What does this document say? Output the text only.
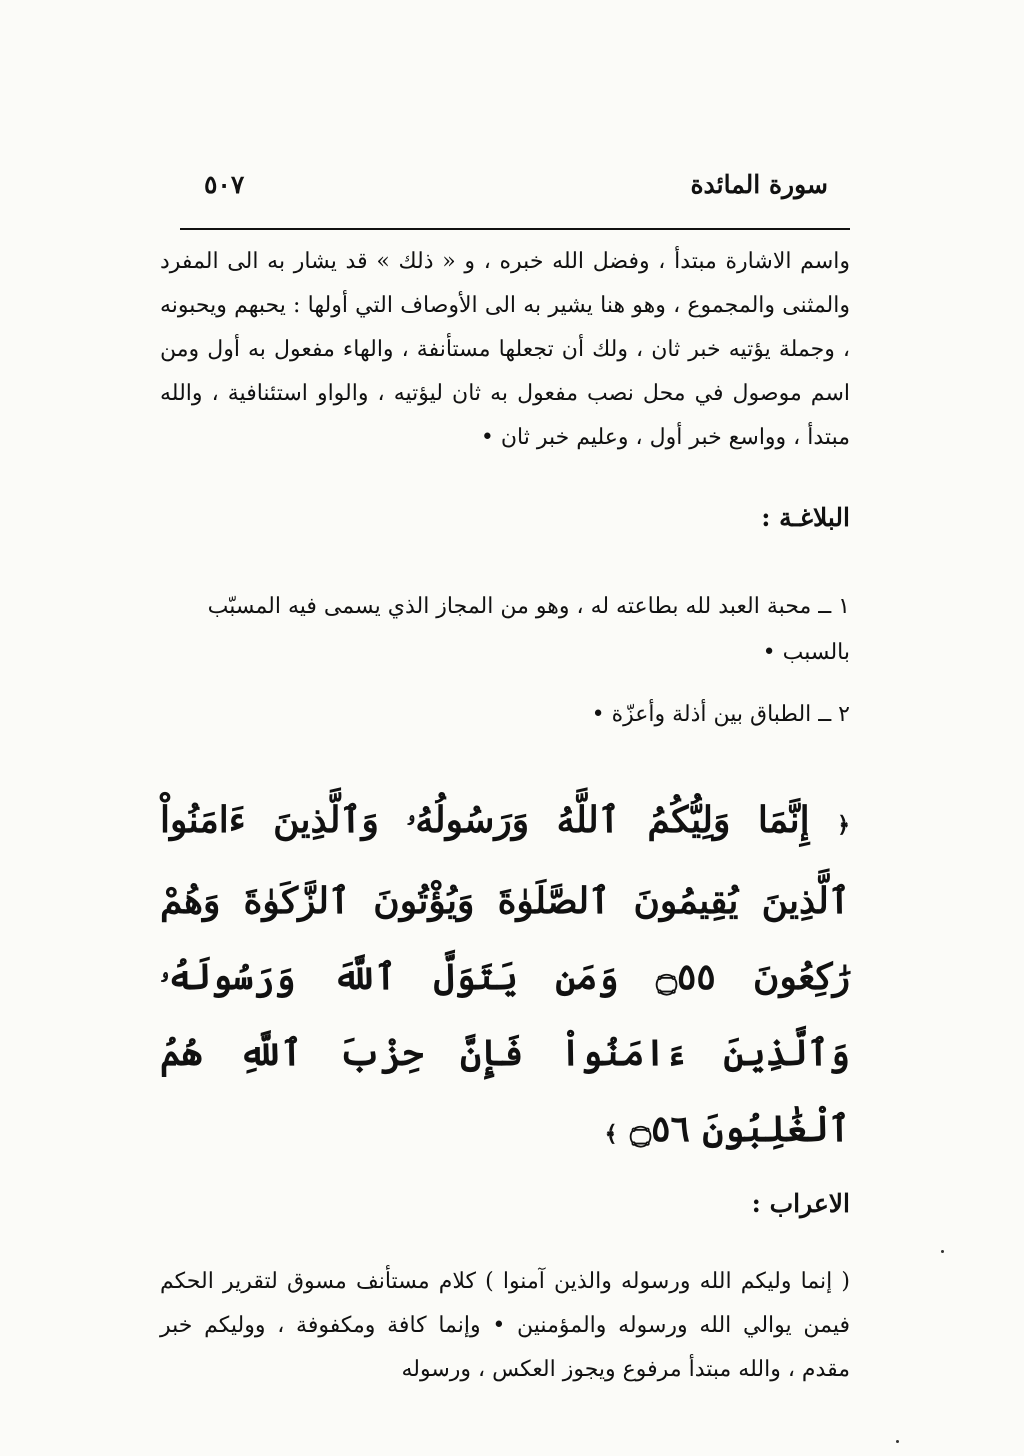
سورة المائدة
٥٠٧

واسم الاشارة مبتدأ ، وفضل الله خبره ، و « ذلك » قد يشار به الى المفرد والمثنى والمجموع ، وهو هنا يشير به الى الأوصاف التي أولها : يحبهم ويحبونه ، وجملة يؤتيه خبر ثان ، ولك أن تجعلها مستأنفة ، والهاء مفعول به أول ومن اسم موصول في محل نصب مفعول به ثان ليؤتيه ، والواو استئنافية ، والله مبتدأ ، وواسع خبر أول ، وعليم خبر ثان •

البلاغـة :
١ ــ محبة العبد لله بطاعته له ، وهو من المجاز الذي يسمى فيه المسبّب بالسبب •
٢ ــ الطباق بين أذلة وأعزّة •
﴿ إِنَّمَا وَلِيُّكُمُ ٱللَّهُ وَرَسُولُهُۥ وَٱلَّذِينَ ءَامَنُواْ ٱلَّذِينَ يُقِيمُونَ ٱلصَّلَوٰةَ وَيُؤْتُونَ ٱلزَّكَوٰةَ وَهُمْ رَٰكِعُونَ ۝٥٥ وَمَن يَتَوَلَّ ٱللَّهَ وَرَسُولَهُۥ وَٱلَّذِينَ ءَامَنُواْ فَإِنَّ حِزْبَ ٱللَّهِ هُمُ ٱلْغَٰلِبُونَ ۝٥٦ ﴾
الاعراب :

( إنما وليكم الله ورسوله والذين آمنوا ) كلام مستأنف مسوق لتقرير الحكم فيمن يوالي الله ورسوله والمؤمنين • وإنما كافة ومكفوفة ، ووليكم خبر مقدم ، والله مبتدأ مرفوع ويجوز العكس ، ورسوله
